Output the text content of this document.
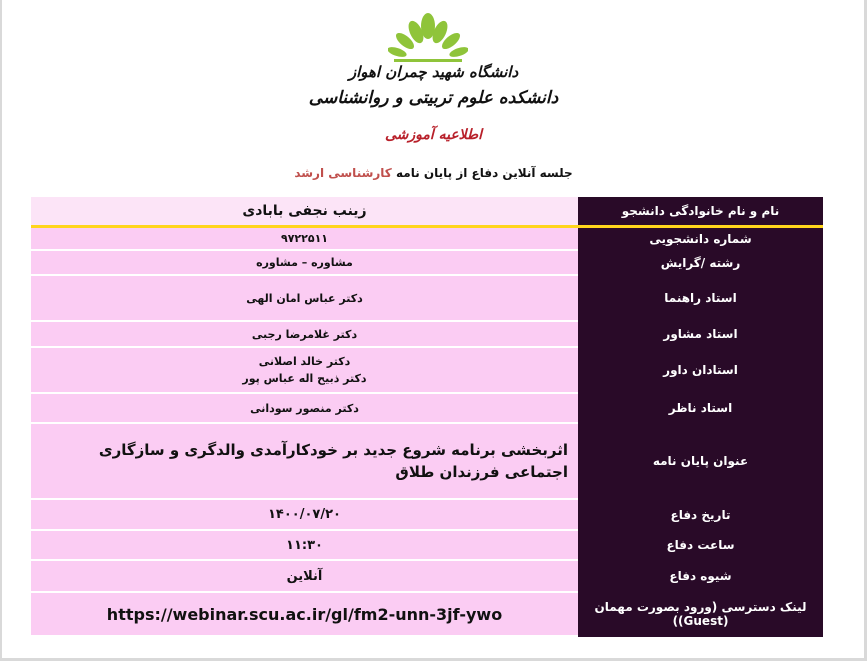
دانشگاه شهید چمران اهواز
دانشکده علوم تربیتی و روانشناسی
اطلاعیه آموزشی
جلسه آنلاین دفاع از پایان نامه کارشناسی ارشد
نام و نام خانوادگی دانشجو	زینب نجفی بابادی
شماره دانشجویی	۹۷۲۲۵۱۱
رشته /گرایش	مشاوره – مشاوره
استاد راهنما	دکتر عباس امان الهی
استاد مشاور	دکتر غلامرضا رجبی
استادان داور	دکتر خالد اصلانی
دکتر ذبیح اله عباس پور

استاد ناظر	دکتر منصور سودانی
عنوان پایان نامه	اثربخشی برنامه شروع جدید بر خودکارآمدی والدگری و سازگاری اجتماعی فرزندان طلاق
تاریخ دفاع	۱۴۰۰/۰۷/۲۰
ساعت دفاع	۱۱:۳۰
شیوه دفاع	آنلاین
لینک دسترسی (ورود بصورت مهمان (Guest))	https://webinar.scu.ac.ir/gl/fm2-unn-3jf-ywo
